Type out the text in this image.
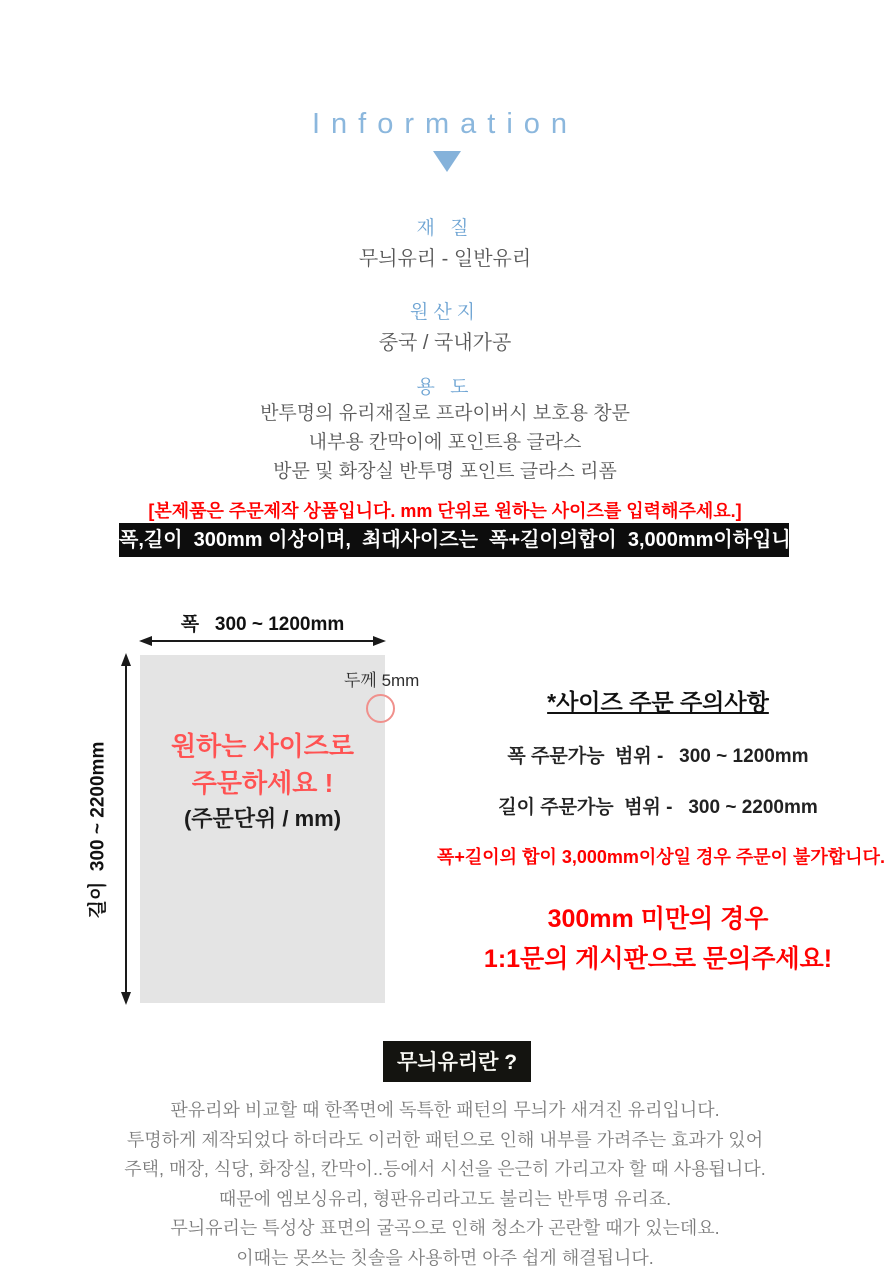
Information
재 질
무늬유리 - 일반유리
원산지
중국 / 국내가공
용 도
반투명의 유리재질로 프라이버시 보호용 창문
내부용 칸막이에 포인트용 글라스
방문 및 화장실 반투명 포인트 글라스 리폼
[본제품은 주문제작 상품입니다. mm 단위로 원하는 사이즈를 입력해주세요.]
폭,길이  300mm 이상이며,  최대사이즈는  폭+길이의합이  3,000mm이하입니다.
폭   300 ~ 1200mm
길이  300 ~ 2200mm
두께 5mm
원하는 사이즈로
주문하세요 !
(주문단위 / mm)
*사이즈 주문 주의사항
폭 주문가능  범위 -   300 ~ 1200mm
길이 주문가능  범위 -   300 ~ 2200mm
폭+길이의 합이 3,000mm이상일 경우 주문이 불가합니다.
300mm 미만의 경우
1:1문의 게시판으로 문의주세요!
무늬유리란 ?
판유리와 비교할 때 한쪽면에 독특한 패턴의 무늬가 새겨진 유리입니다.
투명하게 제작되었다 하더라도 이러한 패턴으로 인해 내부를 가려주는 효과가 있어
주택, 매장, 식당, 화장실, 칸막이..등에서 시선을 은근히 가리고자 할 때 사용됩니다.
때문에 엠보싱유리, 형판유리라고도 불리는 반투명 유리죠.
무늬유리는 특성상 표면의 굴곡으로 인해 청소가 곤란할 때가 있는데요.
이때는 못쓰는 칫솔을 사용하면 아주 쉽게 해결됩니다.
